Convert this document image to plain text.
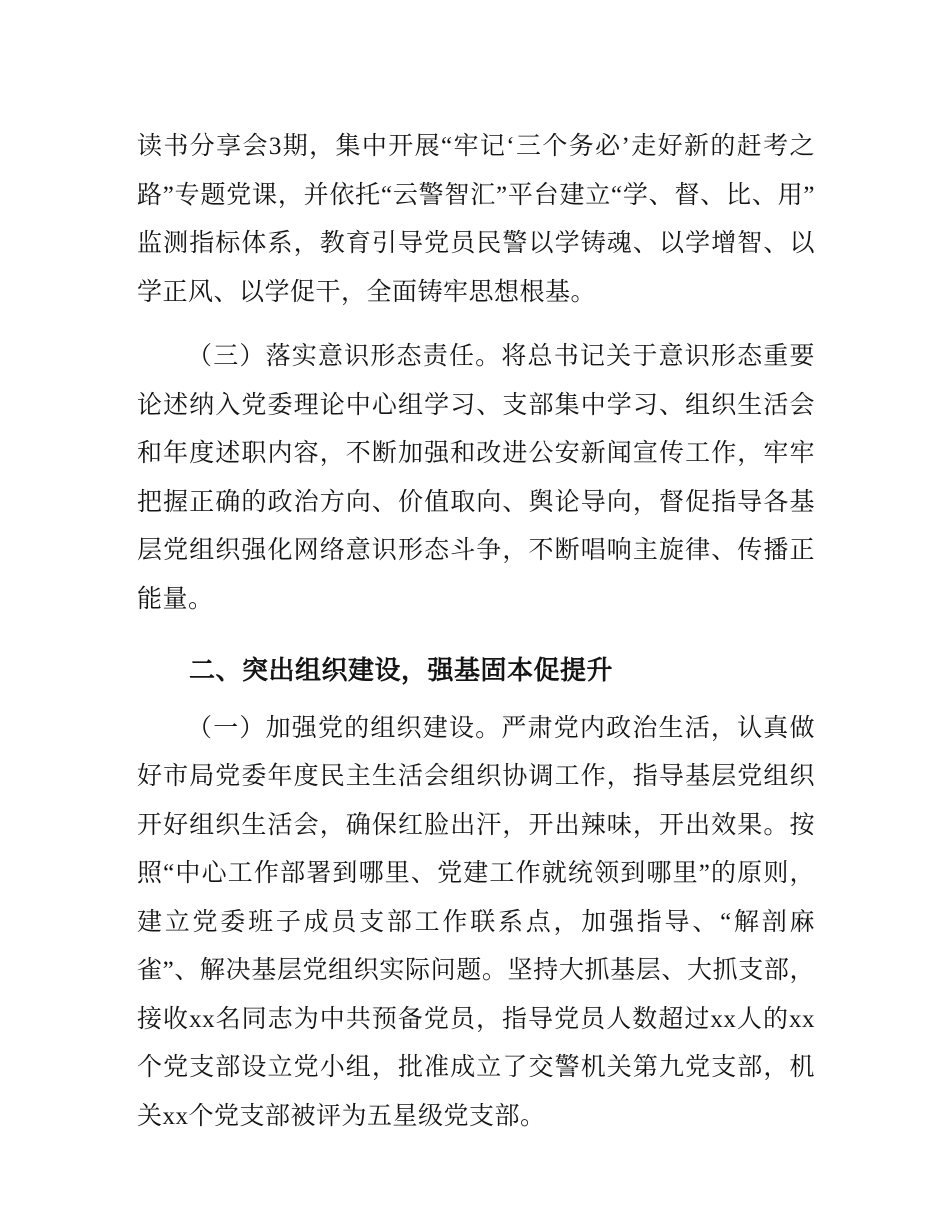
读书分享会3期，集中开展“牢记‘三个务必’走好新的赶考之路”专题党课，并依托“云警智汇”平台建立“学、督、比、用”监测指标体系，教育引导党员民警以学铸魂、以学增智、以学正风、以学促干，全面铸牢思想根基。

（三）落实意识形态责任。将总书记关于意识形态重要论述纳入党委理论中心组学习、支部集中学习、组织生活会和年度述职内容，不断加强和改进公安新闻宣传工作，牢牢把握正确的政治方向、价值取向、舆论导向，督促指导各基层党组织强化网络意识形态斗争，不断唱响主旋律、传播正能量。

二、突出组织建设，强基固本促提升

（一）加强党的组织建设。严肃党内政治生活，认真做好市局党委年度民主生活会组织协调工作，指导基层党组织开好组织生活会，确保红脸出汗，开出辣味，开出效果。按照“中心工作部署到哪里、党建工作就统领到哪里”的原则，建立党委班子成员支部工作联系点，加强指导、“解剖麻雀”、解决基层党组织实际问题。坚持大抓基层、大抓支部，接收xx名同志为中共预备党员，指导党员人数超过xx人的xx个党支部设立党小组，批准成立了交警机关第九党支部，机关xx个党支部被评为五星级党支部。
